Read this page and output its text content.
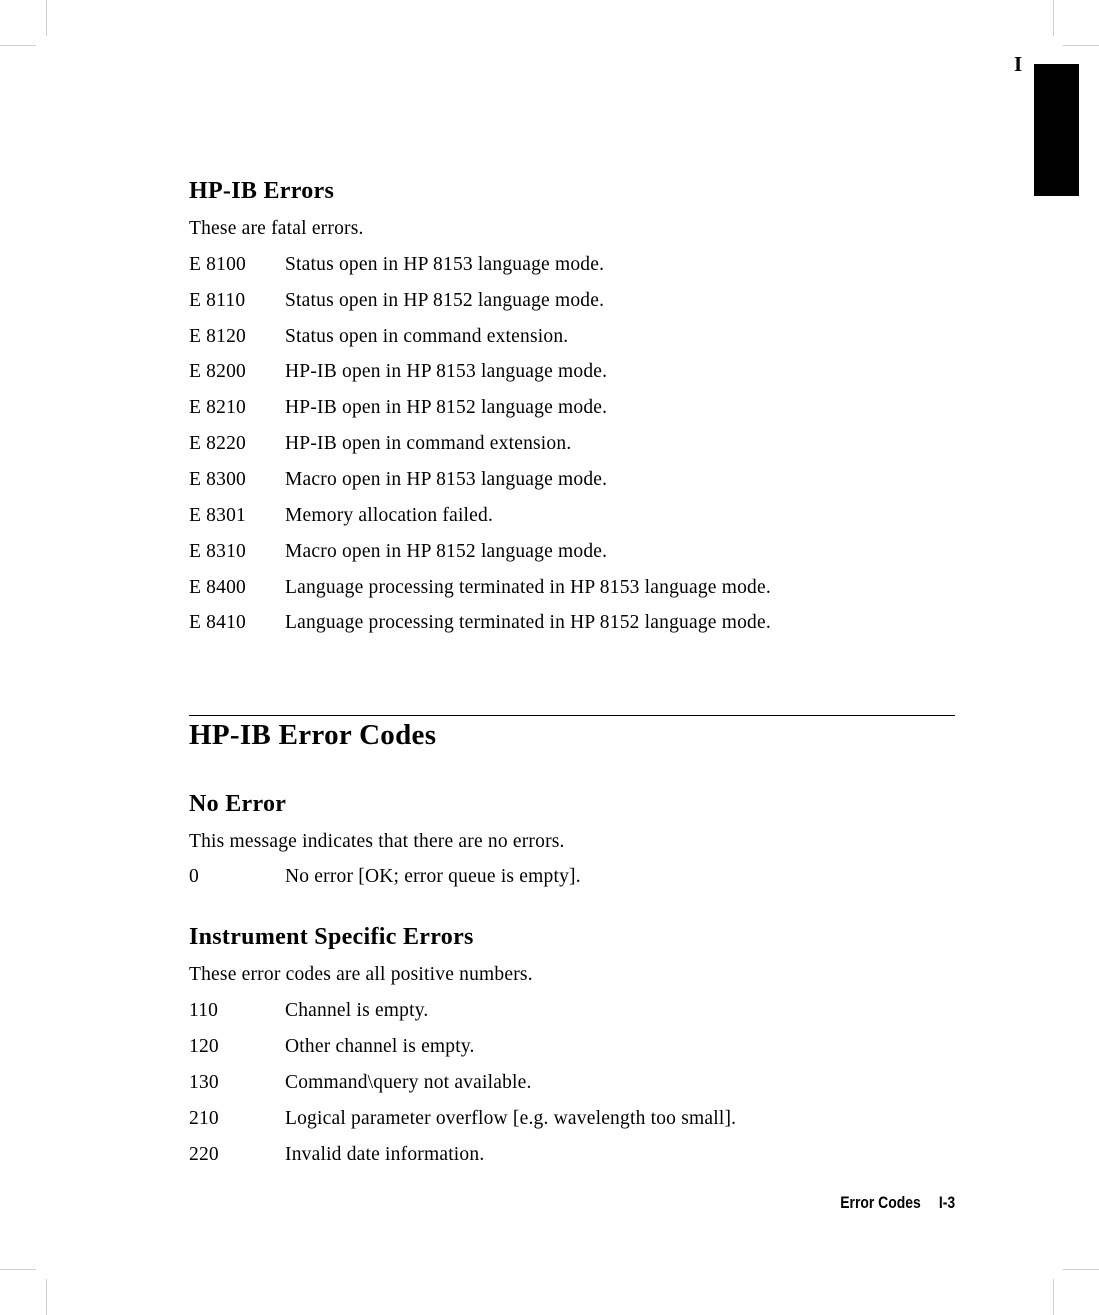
I
HP-IB Errors
These are fatal errors.
E 8100 Status open in HP 8153 language mode.
E 8110 Status open in HP 8152 language mode.
E 8120 Status open in command extension.
E 8200 HP-IB open in HP 8153 language mode.
E 8210 HP-IB open in HP 8152 language mode.
E 8220 HP-IB open in command extension.
E 8300 Macro open in HP 8153 language mode.
E 8301 Memory allocation failed.
E 8310 Macro open in HP 8152 language mode.
E 8400 Language processing terminated in HP 8153 language mode.
E 8410 Language processing terminated in HP 8152 language mode.
HP-IB Error Codes
No Error
This message indicates that there are no errors.
0	No error [OK; error queue is empty].
Instrument Specific Errors
These error codes are all positive numbers.
110	Channel is empty.
120	Other channel is empty.
130	Command\query not available.
210	Logical parameter overflow [e.g. wavelength too small].
220	Invalid date information.
Error Codes I-3
